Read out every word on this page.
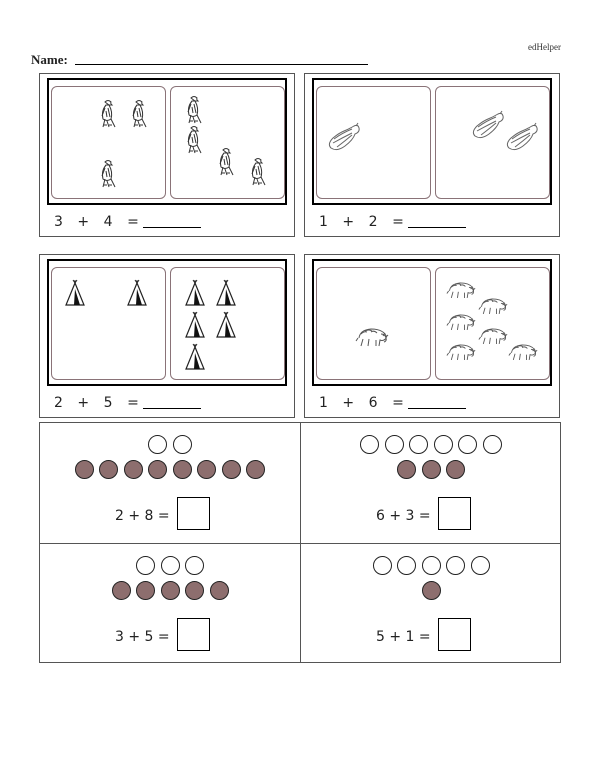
edHelper
Name:
3 + 4 =	1 + 2 =
2 + 5 =	1 + 6 =
2 + 8 =	6 + 3 =
3 + 5 =	5 + 1 =
